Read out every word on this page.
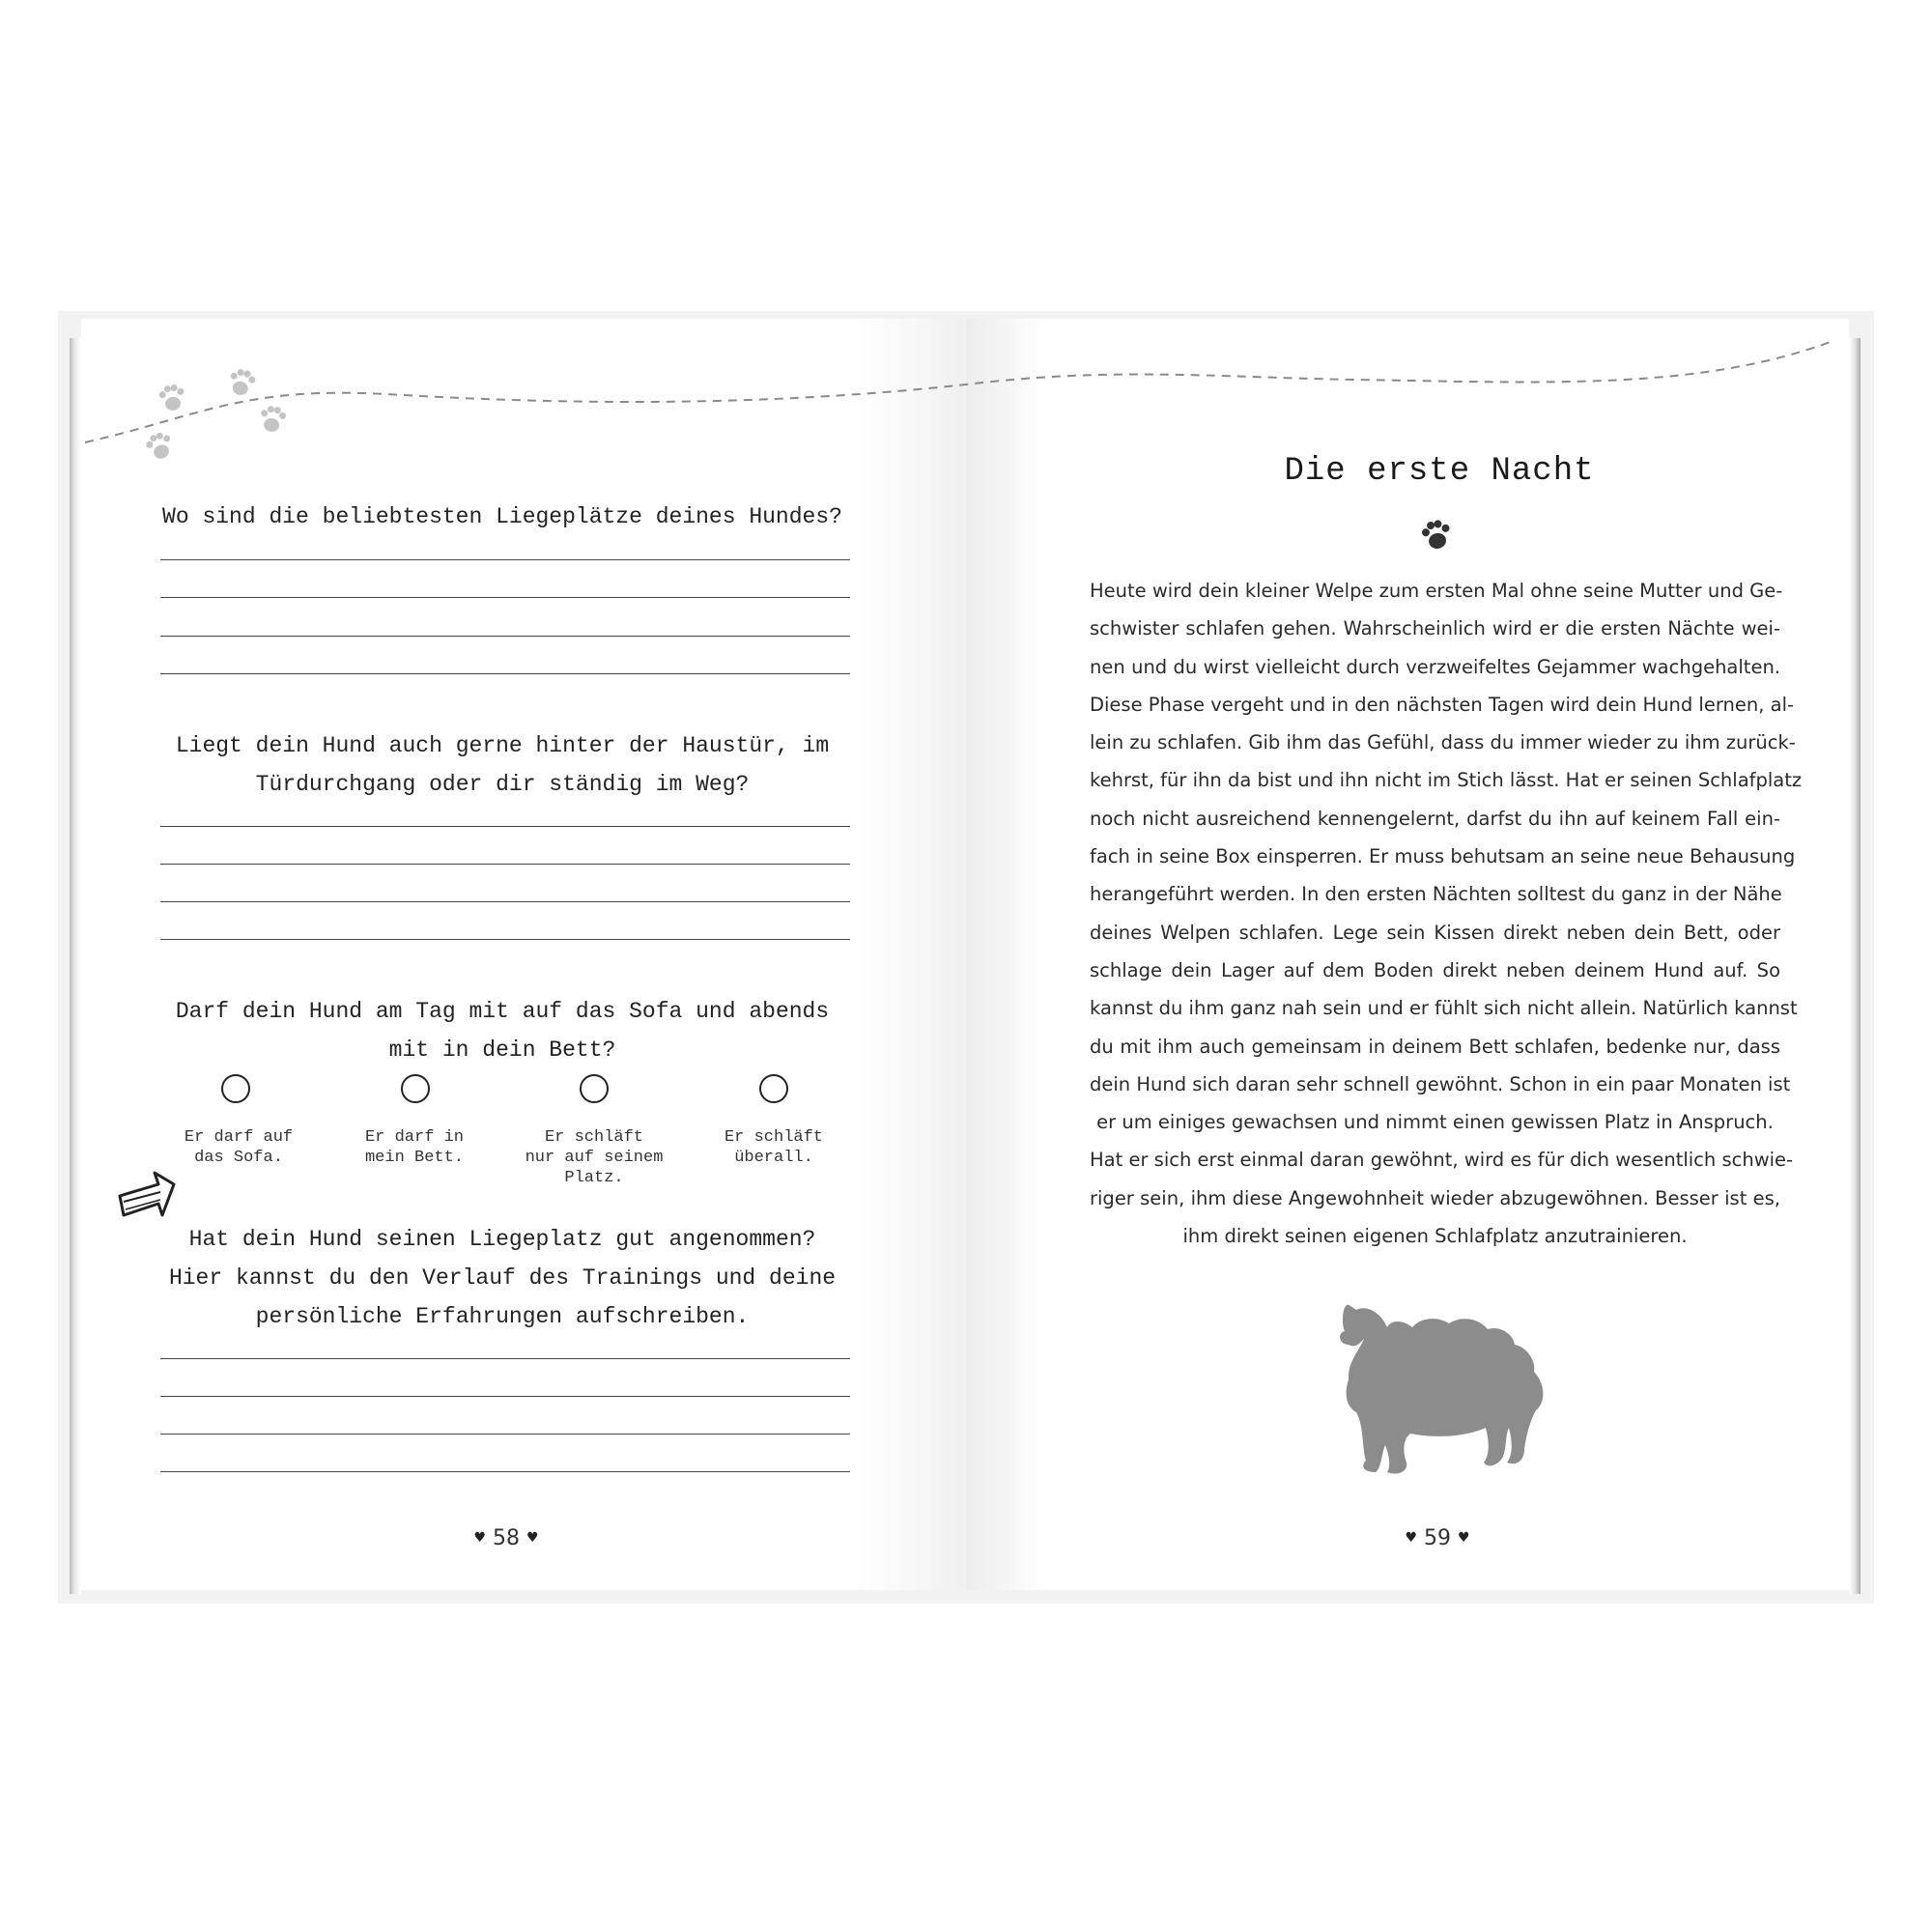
Wo sind die beliebtesten Liegeplätze deines Hundes?
Liegt dein Hund auch gerne hinter der Haustür, im
Türdurchgang oder dir ständig im Weg?
Darf dein Hund am Tag mit auf das Sofa und abends
mit in dein Bett?
Er darf auf
das Sofa.
Er darf in
mein Bett.
Er schläft
nur auf seinem
Platz.
Er schläft
überall.
Hat dein Hund seinen Liegeplatz gut angenommen?
Hier kannst du den Verlauf des Trainings und deine
persönliche Erfahrungen aufschreiben.
♥ 58 ♥
Die erste Nacht
Heute wird dein kleiner Welpe zum ersten Mal ohne seine Mutter und Ge-
schwister schlafen gehen. Wahrscheinlich wird er die ersten Nächte wei-
nen und du wirst vielleicht durch verzweifeltes Gejammer wachgehalten.
Diese Phase vergeht und in den nächsten Tagen wird dein Hund lernen, al-
lein zu schlafen. Gib ihm das Gefühl, dass du immer wieder zu ihm zurück-
kehrst, für ihn da bist und ihn nicht im Stich lässt. Hat er seinen Schlafplatz
noch nicht ausreichend kennengelernt, darfst du ihn auf keinem Fall ein-
fach in seine Box einsperren. Er muss behutsam an seine neue Behausung
herangeführt werden. In den ersten Nächten solltest du ganz in der Nähe
deines Welpen schlafen. Lege sein Kissen direkt neben dein Bett, oder
schlage dein Lager auf dem Boden direkt neben deinem Hund auf. So
kannst du ihm ganz nah sein und er fühlt sich nicht allein. Natürlich kannst
du mit ihm auch gemeinsam in deinem Bett schlafen, bedenke nur, dass
dein Hund sich daran sehr schnell gewöhnt. Schon in ein paar Monaten ist
er um einiges gewachsen und nimmt einen gewissen Platz in Anspruch.
Hat er sich erst einmal daran gewöhnt, wird es für dich wesentlich schwie-
riger sein, ihm diese Angewohnheit wieder abzugewöhnen. Besser ist es,
ihm direkt seinen eigenen Schlafplatz anzutrainieren.
♥ 59 ♥
